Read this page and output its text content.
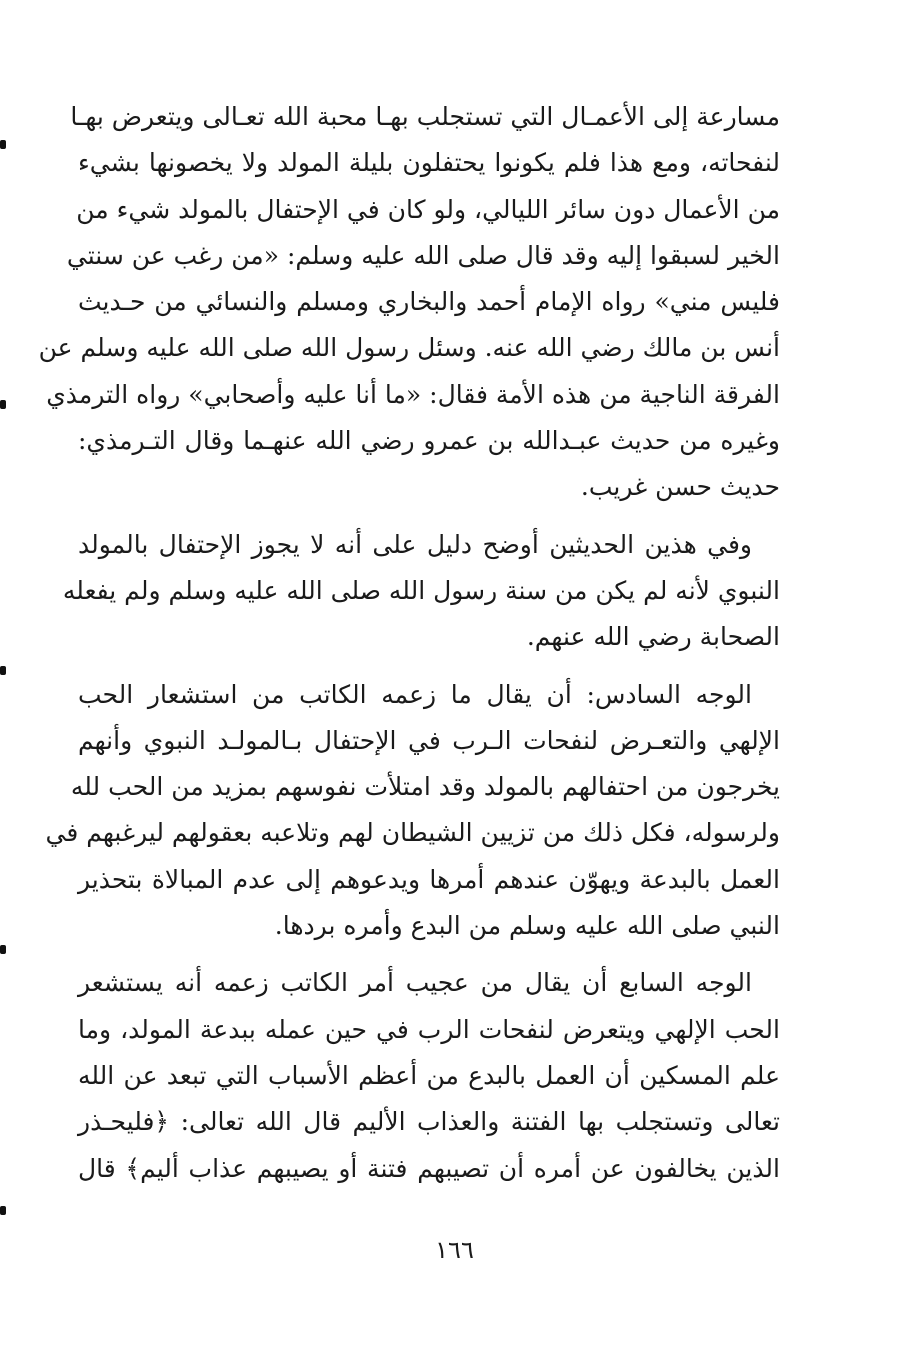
مسارعة إلى الأعمـال التي تستجلب بهـا محبة الله تعـالى ويتعرض بهـا
لنفحاته، ومع هذا فلم يكونوا يحتفلون بليلة المولد ولا يخصونها بشيء
من الأعمال دون سائر الليالي، ولو كان في الإحتفال بالمولد شيء من
الخير لسبقوا إليه وقد قال صلى الله عليه وسلم: «من رغب عن سنتي
فليس مني» رواه الإمام أحمد والبخاري ومسلم والنسائي من حـديث
أنس بن مالك رضي الله عنه. وسئل رسول الله صلى الله عليه وسلم عن
الفرقة الناجية من هذه الأمة فقال: «ما أنا عليه وأصحابي» رواه الترمذي
وغيره من حديث عبـدالله بن عمرو رضي الله عنهـما وقال التـرمذي:
حديث حسن غريب.

وفي هذين الحديثين أوضح دليل على أنه لا يجوز الإحتفال بالمولد
النبوي لأنه لم يكن من سنة رسول الله صلى الله عليه وسلم ولم يفعله
الصحابة رضي الله عنهم.

الوجه السادس: أن يقال ما زعمه الكاتب من استشعار الحب
الإلهي والتعـرض لنفحات الـرب في الإحتفال بـالمولـد النبوي وأنهم
يخرجون من احتفالهم بالمولد وقد امتلأت نفوسهم بمزيد من الحب لله
ولرسوله، فكل ذلك من تزيين الشيطان لهم وتلاعبه بعقولهم ليرغبهم في
العمل بالبدعة ويهوّن عندهم أمرها ويدعوهم إلى عدم المبالاة بتحذير
النبي صلى الله عليه وسلم من البدع وأمره بردها.

الوجه السابع أن يقال من عجيب أمر الكاتب زعمه أنه يستشعر
الحب الإلهي ويتعرض لنفحات الرب في حين عمله ببدعة المولد، وما
علم المسكين أن العمل بالبدع من أعظم الأسباب التي تبعد عن الله
تعالى وتستجلب بها الفتنة والعذاب الأليم قال الله تعالى: ﴿فليحـذر
الذين يخالفون عن أمره أن تصيبهم فتنة أو يصيبهم عذاب أليم﴾ قال

١٦٦
